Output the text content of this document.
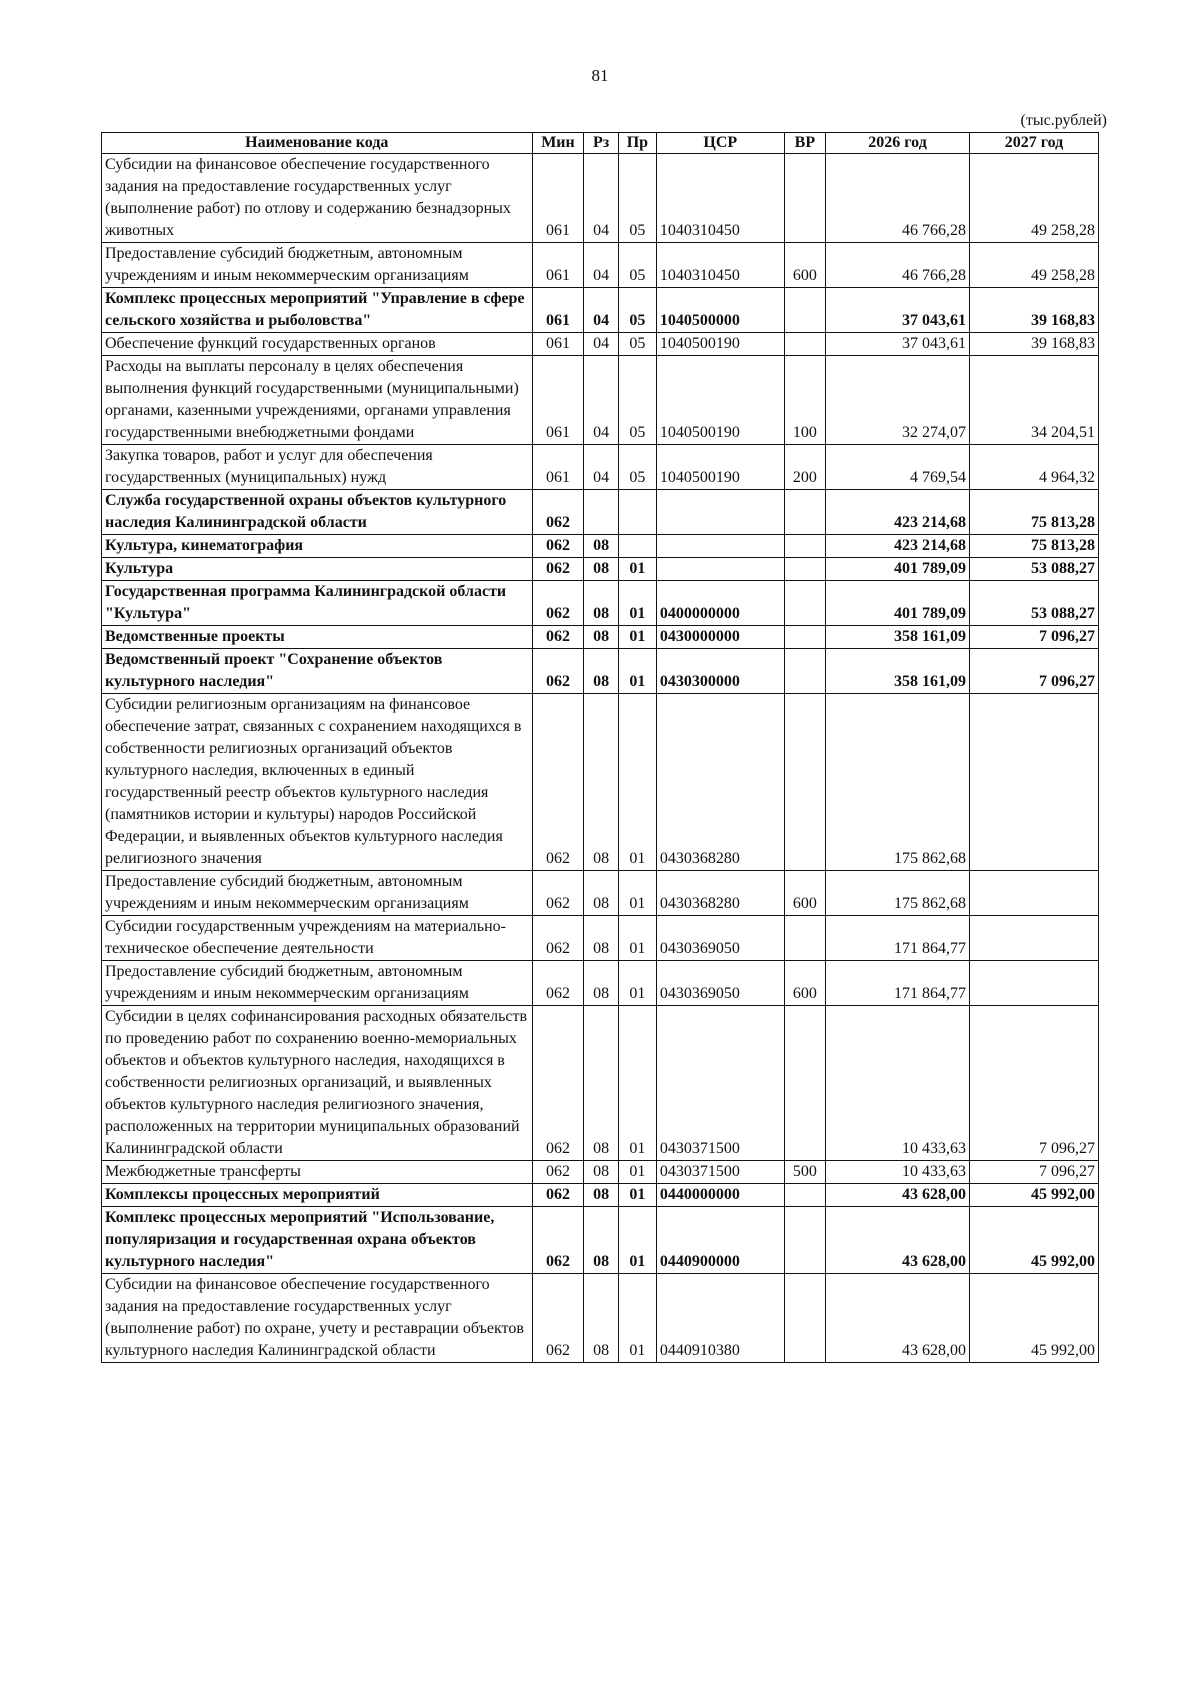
81
(тыс.рублей)
Наименование кода	Мин	Рз	Пр	ЦСР	ВР	2026 год	2027 год
Субсидии на финансовое обеспечение государственного задания на предоставление государственных услуг (выполнение работ) по отлову и содержанию безнадзорных животных	061	04	05	1040310450		46 766,28	49 258,28
Предоставление субсидий бюджетным, автономным учреждениям и иным некоммерческим организациям	061	04	05	1040310450	600	46 766,28	49 258,28
Комплекс процессных мероприятий "Управление в сфере сельского хозяйства и рыболовства"	061	04	05	1040500000		37 043,61	39 168,83
Обеспечение функций государственных органов	061	04	05	1040500190		37 043,61	39 168,83
Расходы на выплаты персоналу в целях обеспечения выполнения функций государственными (муниципальными) органами, казенными учреждениями, органами управления государственными внебюджетными фондами	061	04	05	1040500190	100	32 274,07	34 204,51
Закупка товаров, работ и услуг для обеспечения государственных (муниципальных) нужд	061	04	05	1040500190	200	4 769,54	4 964,32
Служба государственной охраны объектов культурного наследия Калининградской области	062					423 214,68	75 813,28
Культура, кинематография	062	08				423 214,68	75 813,28
Культура	062	08	01			401 789,09	53 088,27
Государственная программа Калининградской области "Культура"	062	08	01	0400000000		401 789,09	53 088,27
Ведомственные проекты	062	08	01	0430000000		358 161,09	7 096,27
Ведомственный проект "Сохранение объектов культурного наследия"	062	08	01	0430300000		358 161,09	7 096,27
Субсидии религиозным организациям на финансовое обеспечение затрат, связанных с сохранением находящихся в собственности религиозных организаций объектов культурного наследия, включенных в единый государственный реестр объектов культурного наследия (памятников истории и культуры) народов Российской Федерации, и выявленных объектов культурного наследия религиозного значения	062	08	01	0430368280		175 862,68	
Предоставление субсидий бюджетным, автономным учреждениям и иным некоммерческим организациям	062	08	01	0430368280	600	175 862,68	
Субсидии государственным учреждениям на материально-техническое обеспечение деятельности	062	08	01	0430369050		171 864,77	
Предоставление субсидий бюджетным, автономным учреждениям и иным некоммерческим организациям	062	08	01	0430369050	600	171 864,77	
Субсидии в целях софинансирования расходных обязательств по проведению работ по сохранению военно-мемориальных объектов и объектов культурного наследия, находящихся в собственности религиозных организаций, и выявленных объектов культурного наследия религиозного значения, расположенных на территории муниципальных образований Калининградской области	062	08	01	0430371500		10 433,63	7 096,27
Межбюджетные трансферты	062	08	01	0430371500	500	10 433,63	7 096,27
Комплексы процессных мероприятий	062	08	01	0440000000		43 628,00	45 992,00
Комплекс процессных мероприятий "Использование, популяризация и государственная охрана объектов культурного наследия"	062	08	01	0440900000		43 628,00	45 992,00
Субсидии на финансовое обеспечение государственного задания на предоставление государственных услуг (выполнение работ) по охране, учету и реставрации объектов культурного наследия Калининградской области	062	08	01	0440910380		43 628,00	45 992,00
